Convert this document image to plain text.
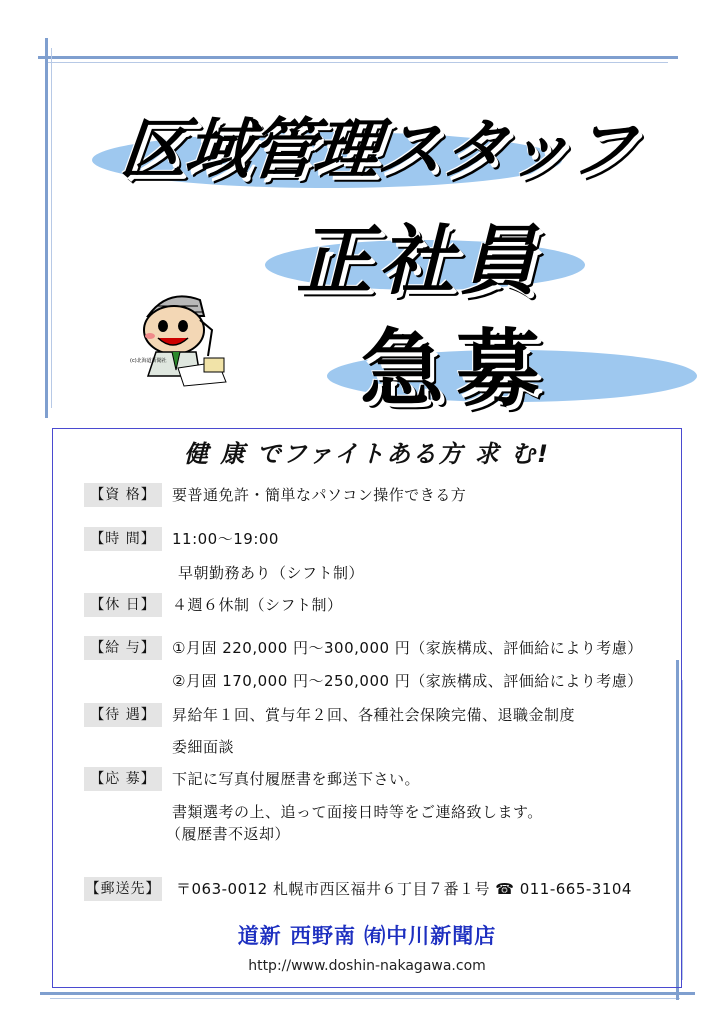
区域管理スタッフ
正社員
急募
(c)北海道新聞社
健 康 でファイトある方 求 む!
【資 格】	要普通免許・簡単なパソコン操作できる方
【時 間】	11:00～19:00
早朝勤務あり（シフト制）
【休 日】	４週６休制（シフト制）
【給 与】	①月固 220,000 円～300,000 円（家族構成、評価給により考慮）
②月固 170,000 円～250,000 円（家族構成、評価給により考慮）
【待 遇】	昇給年１回、賞与年２回、各種社会保険完備、退職金制度
委細面談
【応 募】	下記に写真付履歴書を郵送下さい。
書類選考の上、追って面接日時等をご連絡致します。
（履歴書不返却）
【郵送先】 〒063-0012 札幌市西区福井６丁目７番１号 ☎ 011-665-3104
道新 西野南 ㈲中川新聞店
http://www.doshin-nakagawa.com
